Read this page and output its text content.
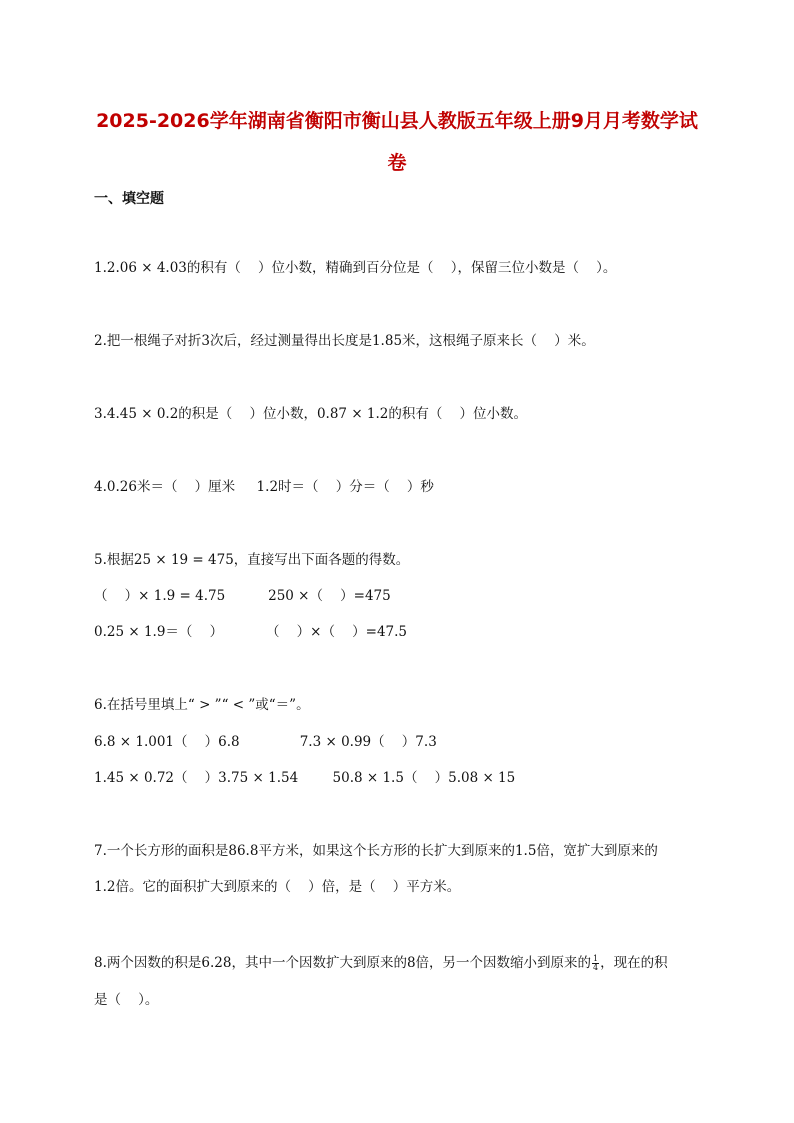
2025-2026学年湖南省衡阳市衡山县人教版五年级上册9月月考数学试
卷
一、填空题
1.2.06 × 4.03的积有（    ）位小数，精确到百分位是（    ），保留三位小数是（    ）。
2.把一根绳子对折3次后，经过测量得出长度是1.85米，这根绳子原来长（    ）米。
3.4.45 × 0.2的积是（    ）位小数，0.87 × 1.2的积有（    ）位小数。
4.0.26米＝（    ）厘米     1.2时＝（    ）分＝（    ）秒
5.根据25 × 19 = 475，直接写出下面各题的得数。
（    ）× 1.9 = 4.75          250 ×（    ）=475
0.25 × 1.9＝（    ）          （    ）×（    ）=47.5
6.在括号里填上“ > ”“ < ”或“＝”。
6.8 × 1.001（    ）6.8              7.3 × 0.99（    ）7.3
1.45 × 0.72（    ）3.75 × 1.54        50.8 × 1.5（    ）5.08 × 15
7.一个长方形的面积是86.8平方米，如果这个长方形的长扩大到原来的1.5倍，宽扩大到原来的
1.2倍。它的面积扩大到原来的（    ）倍，是（    ）平方米。
8.两个因数的积是6.28，其中一个因数扩大到原来的8倍，另一个因数缩小到原来的 $\frac{1}{4}$ ，现在的积
是（    ）。
